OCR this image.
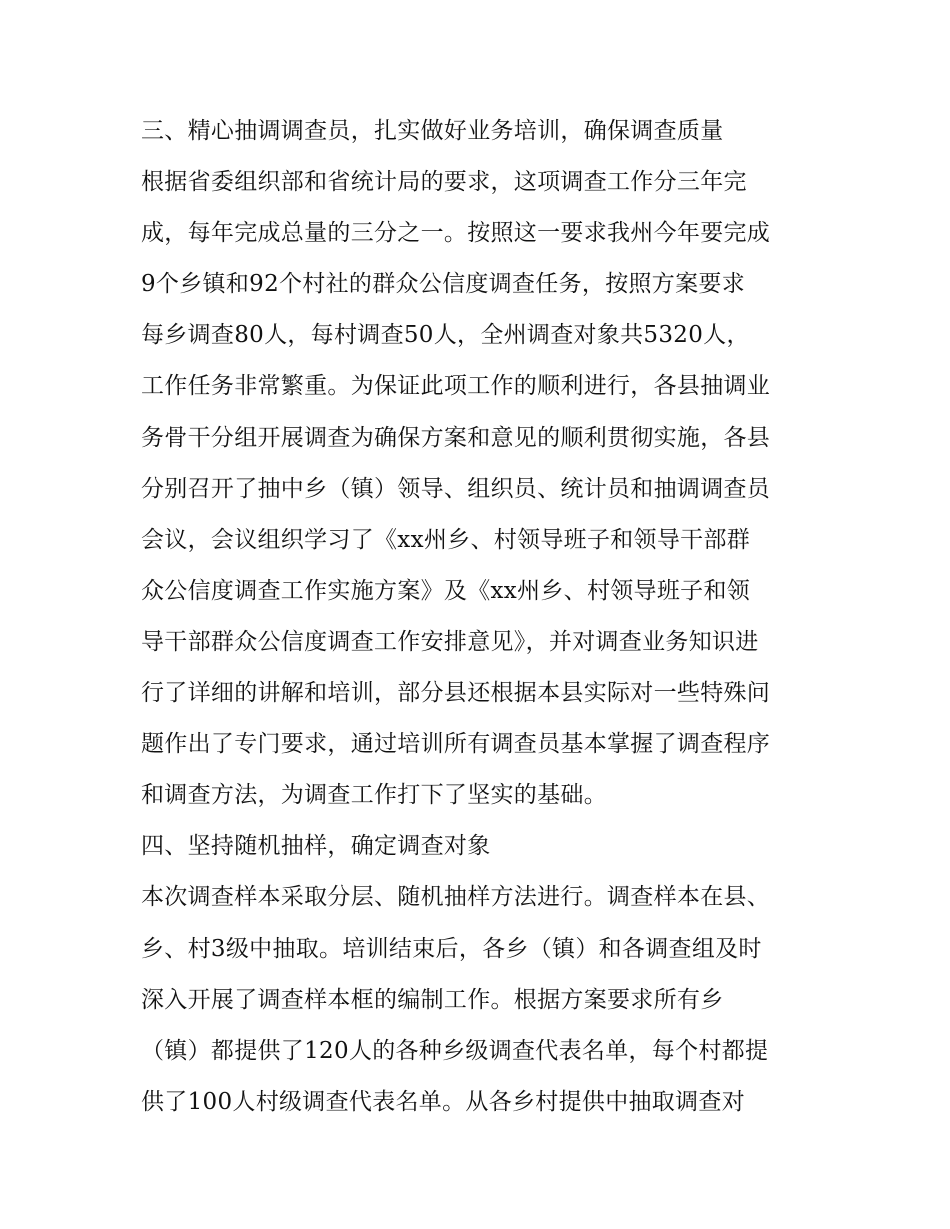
三、精心抽调调查员，扎实做好业务培训，确保调查质量
根据省委组织部和省统计局的要求，这项调查工作分三年完
成，每年完成总量的三分之一。按照这一要求我州今年要完成
9个乡镇和92个村社的群众公信度调查任务，按照方案要求
每乡调查80人，每村调查50人，全州调查对象共5320人，
工作任务非常繁重。为保证此项工作的顺利进行，各县抽调业
务骨干分组开展调查为确保方案和意见的顺利贯彻实施，各县
分别召开了抽中乡（镇）领导、组织员、统计员和抽调调查员
会议，会议组织学习了《xx州乡、村领导班子和领导干部群
众公信度调查工作实施方案》及《xx州乡、村领导班子和领
导干部群众公信度调查工作安排意见》，并对调查业务知识进
行了详细的讲解和培训，部分县还根据本县实际对一些特殊问
题作出了专门要求，通过培训所有调查员基本掌握了调查程序
和调查方法，为调查工作打下了坚实的基础。
四、坚持随机抽样，确定调查对象
本次调查样本采取分层、随机抽样方法进行。调查样本在县、
乡、村3级中抽取。培训结束后，各乡（镇）和各调查组及时
深入开展了调查样本框的编制工作。根据方案要求所有乡
（镇）都提供了120人的各种乡级调查代表名单，每个村都提
供了100人村级调查代表名单。从各乡村提供中抽取调查对
